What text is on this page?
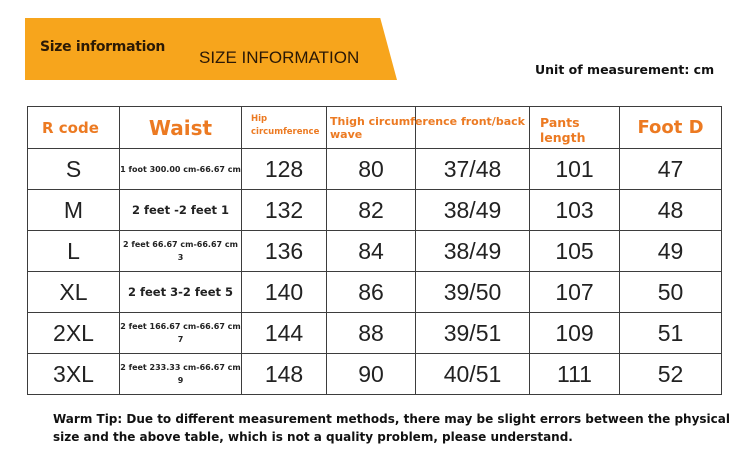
Size information
SIZE INFORMATION
Unit of measurement: cm
R code	Waist	Hip circumference	Thigh circumference front/back wave		Pants length	Foot D
S	1 foot 300.00 cm-66.67 cm	128	80	37/48	101	47
M	2 feet -2 feet 1	132	82	38/49	103	48
L	2 feet 66.67 cm-66.67 cm 3	136	84	38/49	105	49
XL	2 feet 3-2 feet 5	140	86	39/50	107	50
2XL	2 feet 166.67 cm-66.67 cm 7	144	88	39/51	109	51
3XL	2 feet 233.33 cm-66.67 cm 9	148	90	40/51	111	52
Warm Tip: Due to different measurement methods, there may be slight errors between the physical size and the above table, which is not a quality problem, please understand.
